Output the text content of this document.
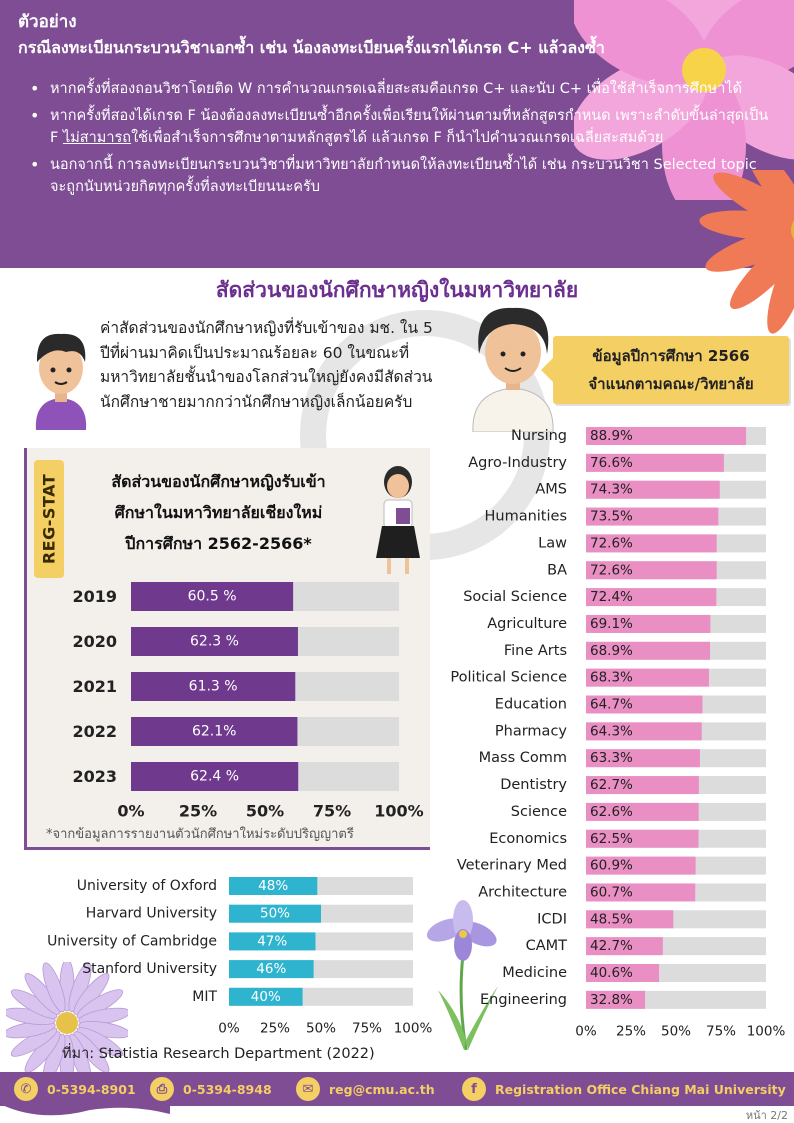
ตัวอย่าง
กรณีลงทะเบียนกระบวนวิชาเอกซ้ำ เช่น น้องลงทะเบียนครั้งแรกได้เกรด C+ แล้วลงซ้ำ
• หากครั้งที่สองถอนวิชาโดยติด W การคำนวณเกรดเฉลี่ยสะสมคือเกรด C+ และนับ C+ เพื่อใช้สำเร็จการศึกษาได้
• หากครั้งที่สองได้เกรด F น้องต้องลงทะเบียนซ้ำอีกครั้งเพื่อเรียนให้ผ่านตามที่หลักสูตรกำหนด เพราะลำดับขั้นล่าสุดเป็น F ไม่สามารถใช้เพื่อสำเร็จการศึกษาตามหลักสูตรได้ แล้วเกรด F ก็นำไปคำนวณเกรดเฉลี่ยสะสมด้วย
• นอกจากนี้ การลงทะเบียนกระบวนวิชาที่มหาวิทยาลัยกำหนดให้ลงทะเบียนซ้ำได้ เช่น กระบวนวิชา Selected topic จะถูกนับหน่วยกิตทุกครั้งที่ลงทะเบียนนะครับ
สัดส่วนของนักศึกษาหญิงในมหาวิทยาลัย
ค่าสัดส่วนของนักศึกษาหญิงที่รับเข้าของ มช. ใน 5 ปีที่ผ่านมาคิดเป็นประมาณร้อยละ 60 ในขณะที่มหาวิทยาลัยชั้นนำของโลกส่วนใหญ่ยังคงมีสัดส่วนนักศึกษาชายมากกว่านักศึกษาหญิงเล็กน้อยครับ
ข้อมูลปีการศึกษา 2566
จำแนกตามคณะ/วิทยาลัย
REG-STAT	สัดส่วนของนักศึกษาหญิงรับเข้า
ศึกษาในมหาวิทยาลัยเชียงใหม่
ปีการศึกษา 2562-2566*
2019	60.5 %
2020	62.3 %
2021	61.3 %
2022	62.1%
2023	62.4 %
0% 25% 50% 75% 100%
*จากข้อมูลการรายงานตัวนักศึกษาใหม่ระดับปริญญาตรี
University of Oxford	48%
Harvard University	50%
University of Cambridge	47%
Stanford University	46%
MIT	40%
0% 25% 50% 75% 100%
ที่มา: Statistia Research Department (2022)
Nursing 88.9%
Agro-Industry 76.6%
AMS 74.3%
Humanities 73.5%
Law 72.6%
BA 72.6%
Social Science 72.4%
Agriculture 69.1%
Fine Arts 68.9%
Political Science 68.3%
Education 64.7%
Pharmacy 64.3%
Mass Comm 63.3%
Dentistry 62.7%
Science 62.6%
Economics 62.5%
Veterinary Med 60.9%
Architecture 60.7%
ICDI 48.5%
CAMT 42.7%
Medicine 40.6%
Engineering 32.8%
0% 25% 50% 75% 100%
✆	0-5394-8901	⎙	0-5394-8948	✉	reg@cmu.ac.th	f	Registration Office Chiang Mai University
หน้า 2/2
